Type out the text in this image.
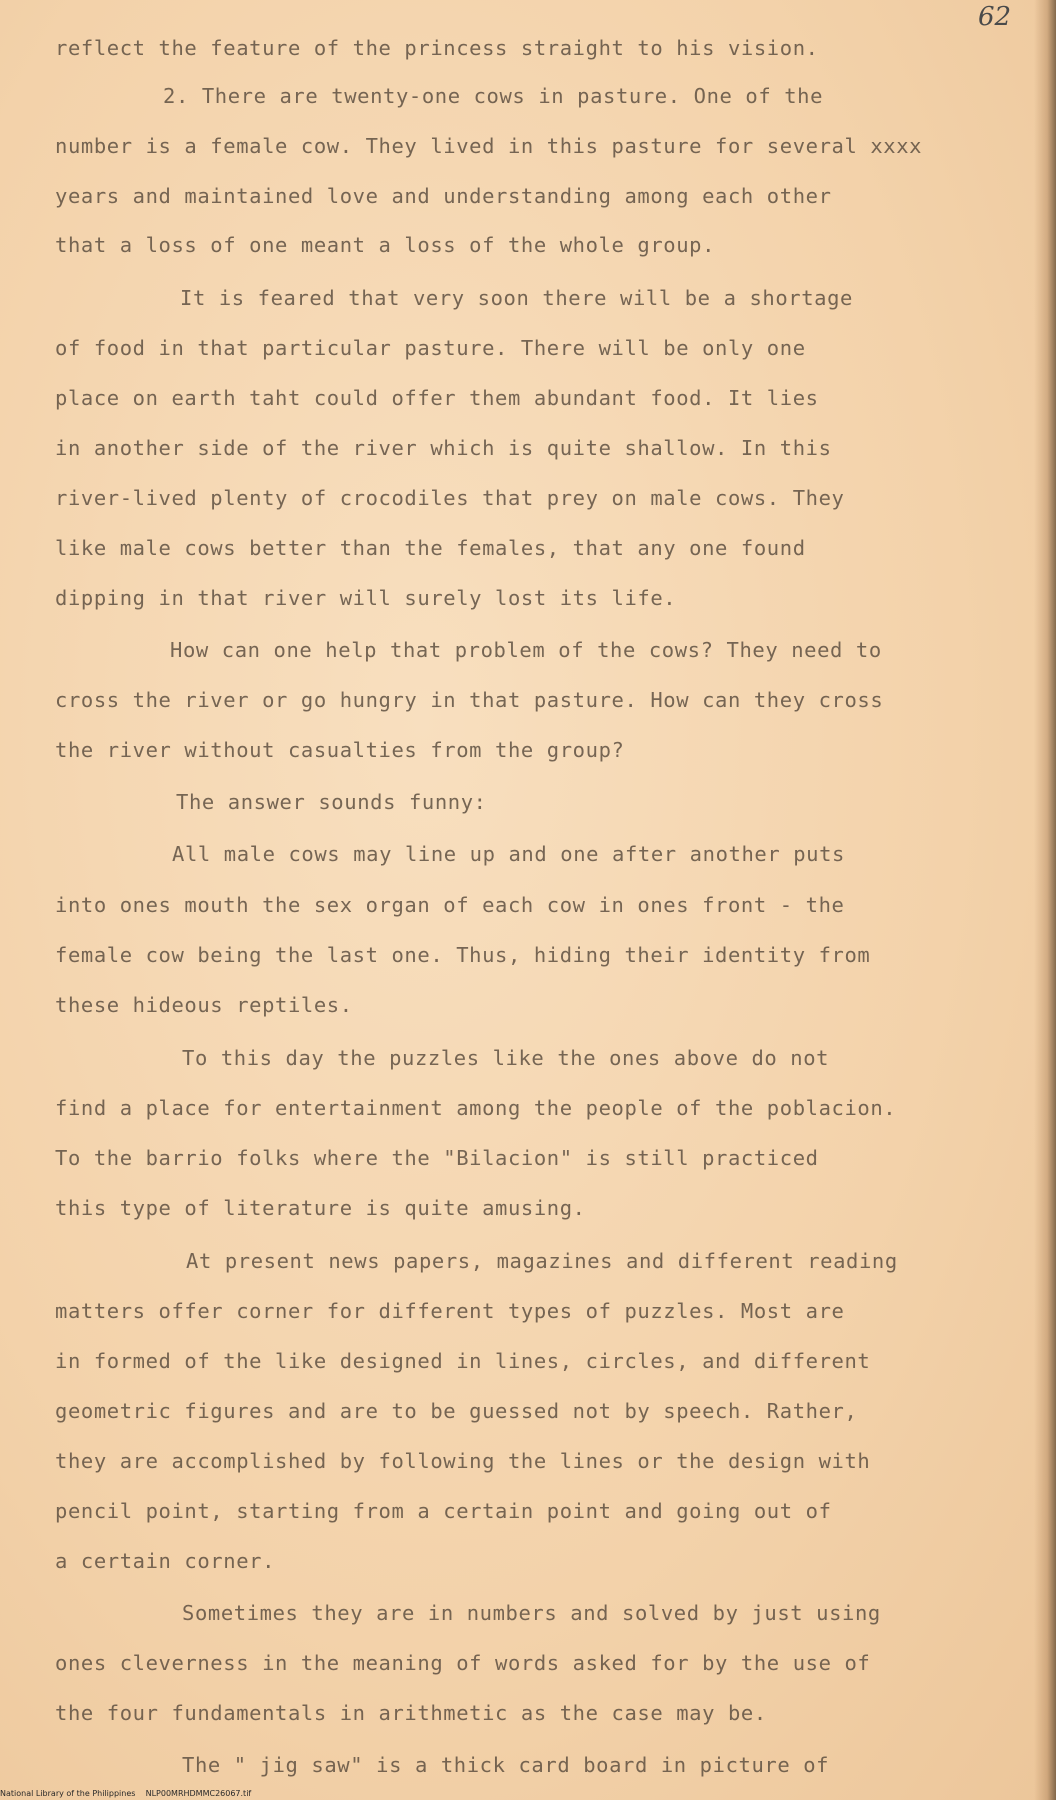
62
reflect the feature of the princess straight to his vision.
2. There are twenty-one cows in pasture. One of the
number is a female cow. They lived in this pasture for several xxxx
years and maintained love and understanding among each other
that a loss of one meant a loss of the whole group.
It is feared that very soon there will be a shortage
of food in that particular pasture. There will be only one
place on earth taht could offer them abundant food. It lies
in another side of the river which is quite shallow. In this
river-lived plenty of crocodiles that prey on male cows. They
like male cows better than the females, that any one found
dipping in that river will surely lost its life.
How can one help that problem of the cows? They need to
cross the river or go hungry in that pasture. How can they cross
the river without casualties from the group?
The answer sounds funny:
All male cows may line up and one after another puts
into ones mouth the sex organ of each cow in ones front - the
female cow being the last one. Thus, hiding their identity from
these hideous reptiles.
To this day the puzzles like the ones above do not
find a place for entertainment among the people of the poblacion.
To the barrio folks where the "Bilacion" is still practiced
this type of literature is quite amusing.
At present news papers, magazines and different reading
matters offer corner for different types of puzzles. Most are
in formed of the like designed in lines, circles, and different
geometric figures and are to be guessed not by speech. Rather,
they are accomplished by following the lines or the design with
pencil point, starting from a certain point and going out of
a certain corner.
Sometimes they are in numbers and solved by just using
ones cleverness in the meaning of words asked for by the use of
the four fundamentals in arithmetic as the case may be.
The " jig saw" is a thick card board in picture of
National Library of the Philippines    NLP00MRHDMMC26067.tif
